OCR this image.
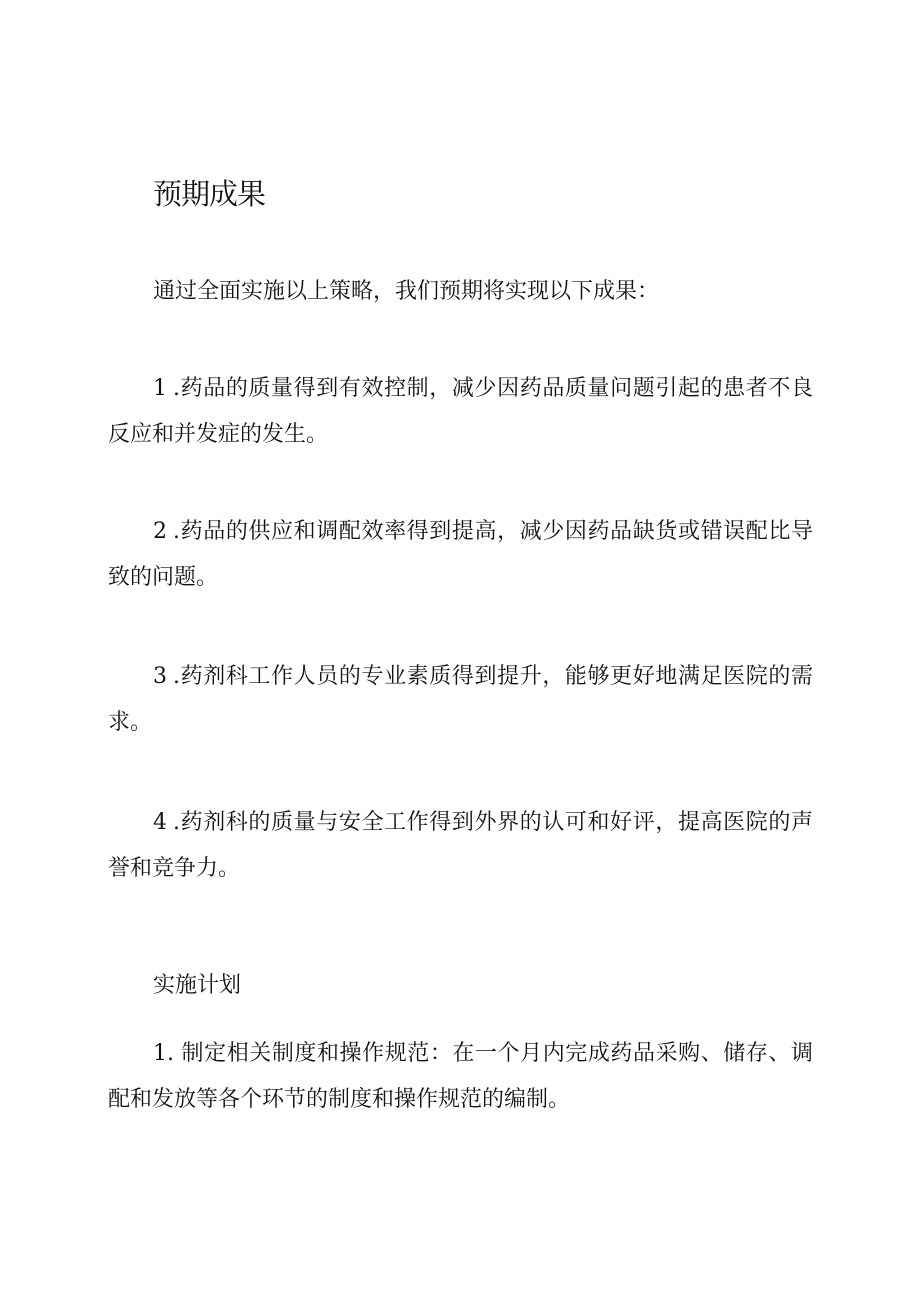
预期成果

通过全面实施以上策略，我们预期将实现以下成果：

1 .药品的质量得到有效控制，减少因药品质量问题引起的患者不良反应和并发症的发生。

2 .药品的供应和调配效率得到提高，减少因药品缺货或错误配比导致的问题。

3 .药剂科工作人员的专业素质得到提升，能够更好地满足医院的需求。

4 .药剂科的质量与安全工作得到外界的认可和好评，提高医院的声誉和竞争力。

实施计划

1. 制定相关制度和操作规范：在一个月内完成药品采购、储存、调配和发放等各个环节的制度和操作规范的编制。
